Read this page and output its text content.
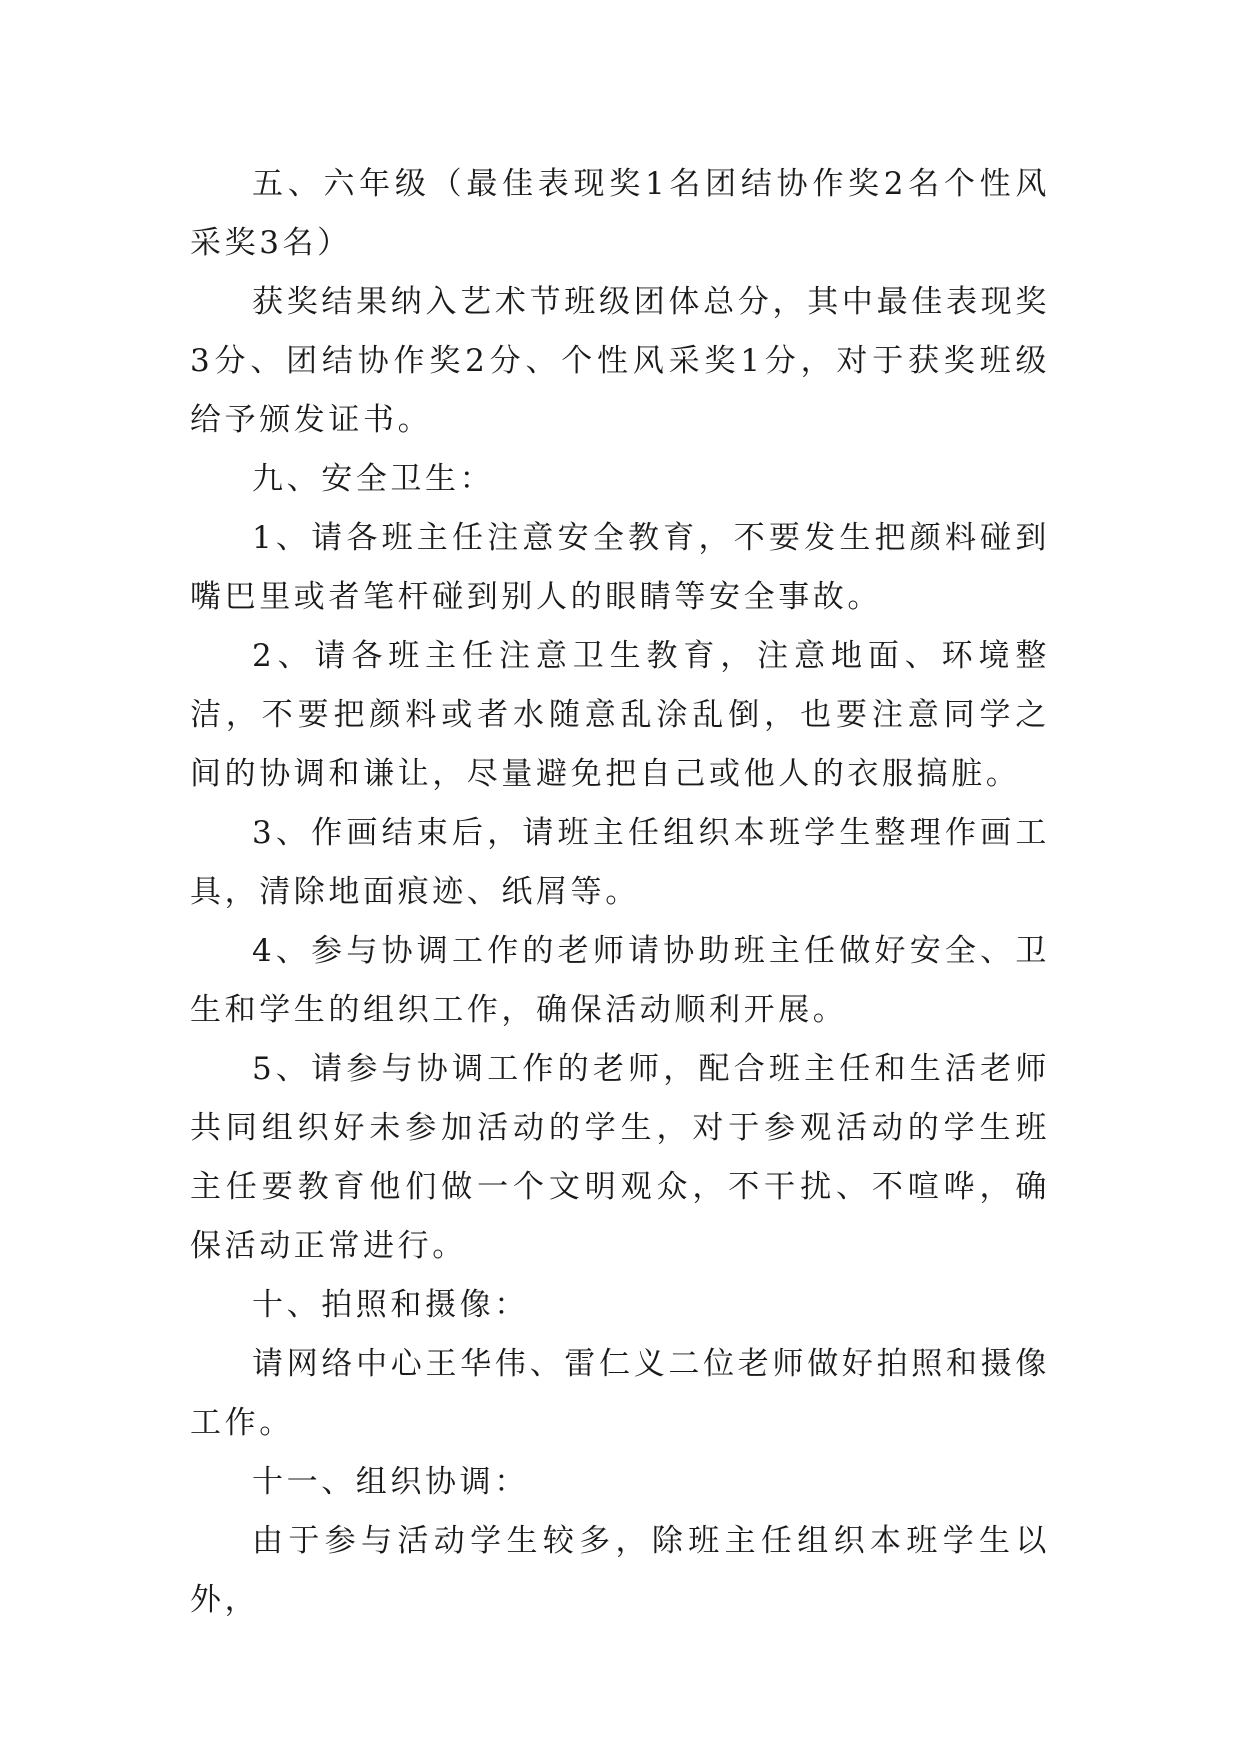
五、六年级（最佳表现奖1名团结协作奖2名个性风采奖3名）

获奖结果纳入艺术节班级团体总分，其中最佳表现奖3分、团结协作奖2分、个性风采奖1分，对于获奖班级给予颁发证书。

九、安全卫生：

1、请各班主任注意安全教育，不要发生把颜料碰到嘴巴里或者笔杆碰到别人的眼睛等安全事故。

2、请各班主任注意卫生教育，注意地面、环境整洁，不要把颜料或者水随意乱涂乱倒，也要注意同学之间的协调和谦让，尽量避免把自己或他人的衣服搞脏。

3、作画结束后，请班主任组织本班学生整理作画工具，清除地面痕迹、纸屑等。

4、参与协调工作的老师请协助班主任做好安全、卫生和学生的组织工作，确保活动顺利开展。

5、请参与协调工作的老师，配合班主任和生活老师共同组织好未参加活动的学生，对于参观活动的学生班主任要教育他们做一个文明观众，不干扰、不喧哗，确保活动正常进行。

十、拍照和摄像：

请网络中心王华伟、雷仁义二位老师做好拍照和摄像工作。

十一、组织协调：

由于参与活动学生较多，除班主任组织本班学生以外，
